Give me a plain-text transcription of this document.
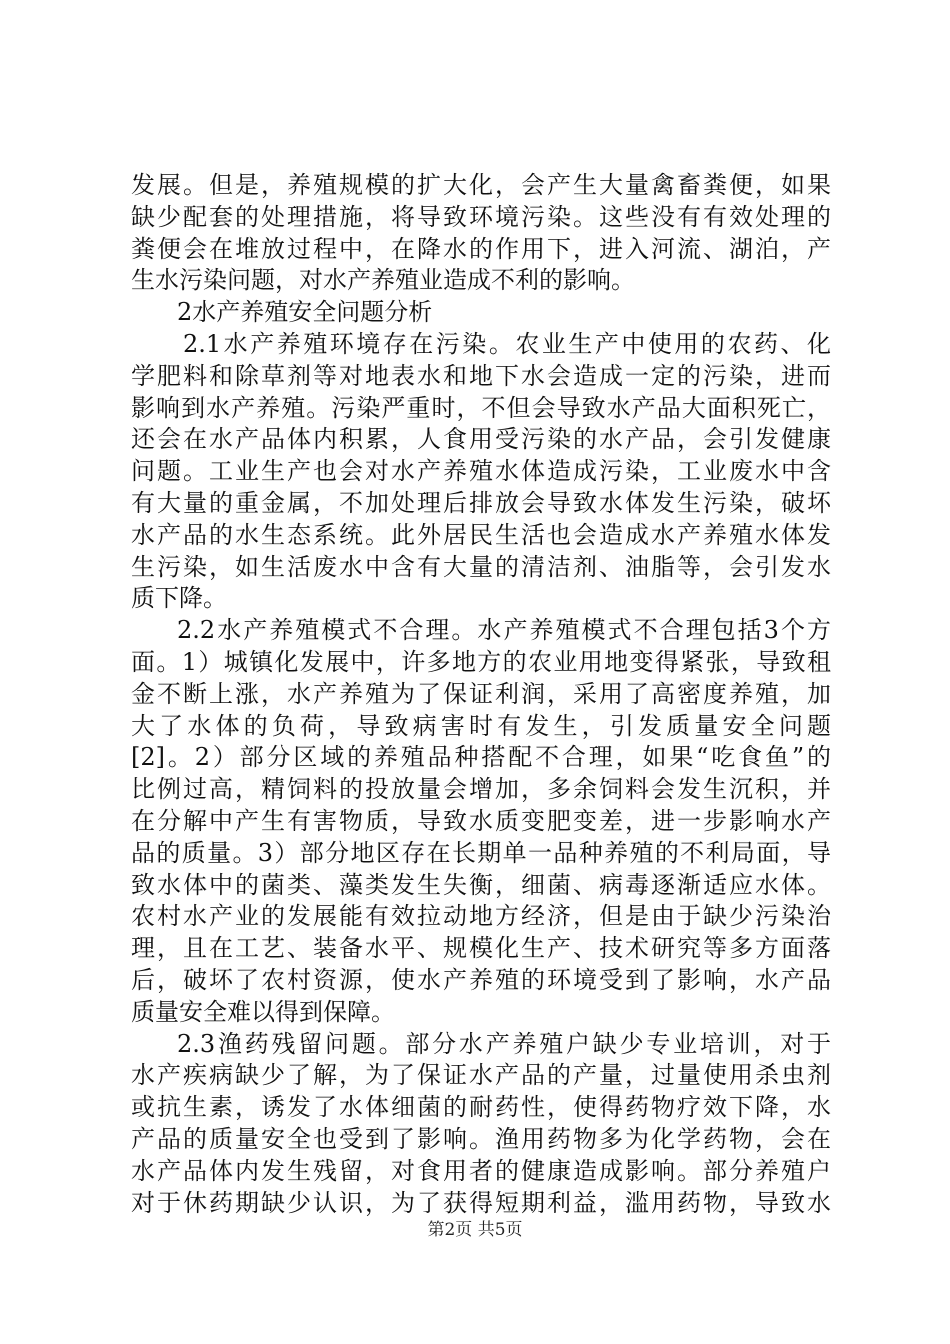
发展。但是，养殖规模的扩大化，会产生大量禽畜粪便，如果
缺少配套的处理措施，将导致环境污染。这些没有有效处理的
粪便会在堆放过程中，在降水的作用下，进入河流、湖泊，产
生水污染问题，对水产养殖业造成不利的影响。
2水产养殖安全问题分析
2.1水产养殖环境存在污染。农业生产中使用的农药、化
学肥料和除草剂等对地表水和地下水会造成一定的污染，进而
影响到水产养殖。污染严重时，不但会导致水产品大面积死亡，
还会在水产品体内积累，人食用受污染的水产品，会引发健康
问题。工业生产也会对水产养殖水体造成污染，工业废水中含
有大量的重金属，不加处理后排放会导致水体发生污染，破坏
水产品的水生态系统。此外居民生活也会造成水产养殖水体发
生污染，如生活废水中含有大量的清洁剂、油脂等，会引发水
质下降。
2.2水产养殖模式不合理。水产养殖模式不合理包括3个方
面。1）城镇化发展中，许多地方的农业用地变得紧张，导致租
金不断上涨，水产养殖为了保证利润，采用了高密度养殖，加
大了水体的负荷，导致病害时有发生，引发质量安全问题
[2]。2）部分区域的养殖品种搭配不合理，如果“吃食鱼”的
比例过高，精饲料的投放量会增加，多余饲料会发生沉积，并
在分解中产生有害物质，导致水质变肥变差，进一步影响水产
品的质量。3）部分地区存在长期单一品种养殖的不利局面，导
致水体中的菌类、藻类发生失衡，细菌、病毒逐渐适应水体。
农村水产业的发展能有效拉动地方经济，但是由于缺少污染治
理，且在工艺、装备水平、规模化生产、技术研究等多方面落
后，破坏了农村资源，使水产养殖的环境受到了影响，水产品
质量安全难以得到保障。
2.3渔药残留问题。部分水产养殖户缺少专业培训，对于
水产疾病缺少了解，为了保证水产品的产量，过量使用杀虫剂
或抗生素，诱发了水体细菌的耐药性，使得药物疗效下降，水
产品的质量安全也受到了影响。渔用药物多为化学药物，会在
水产品体内发生残留，对食用者的健康造成影响。部分养殖户
对于休药期缺少认识，为了获得短期利益，滥用药物，导致水
第2页 共5页
